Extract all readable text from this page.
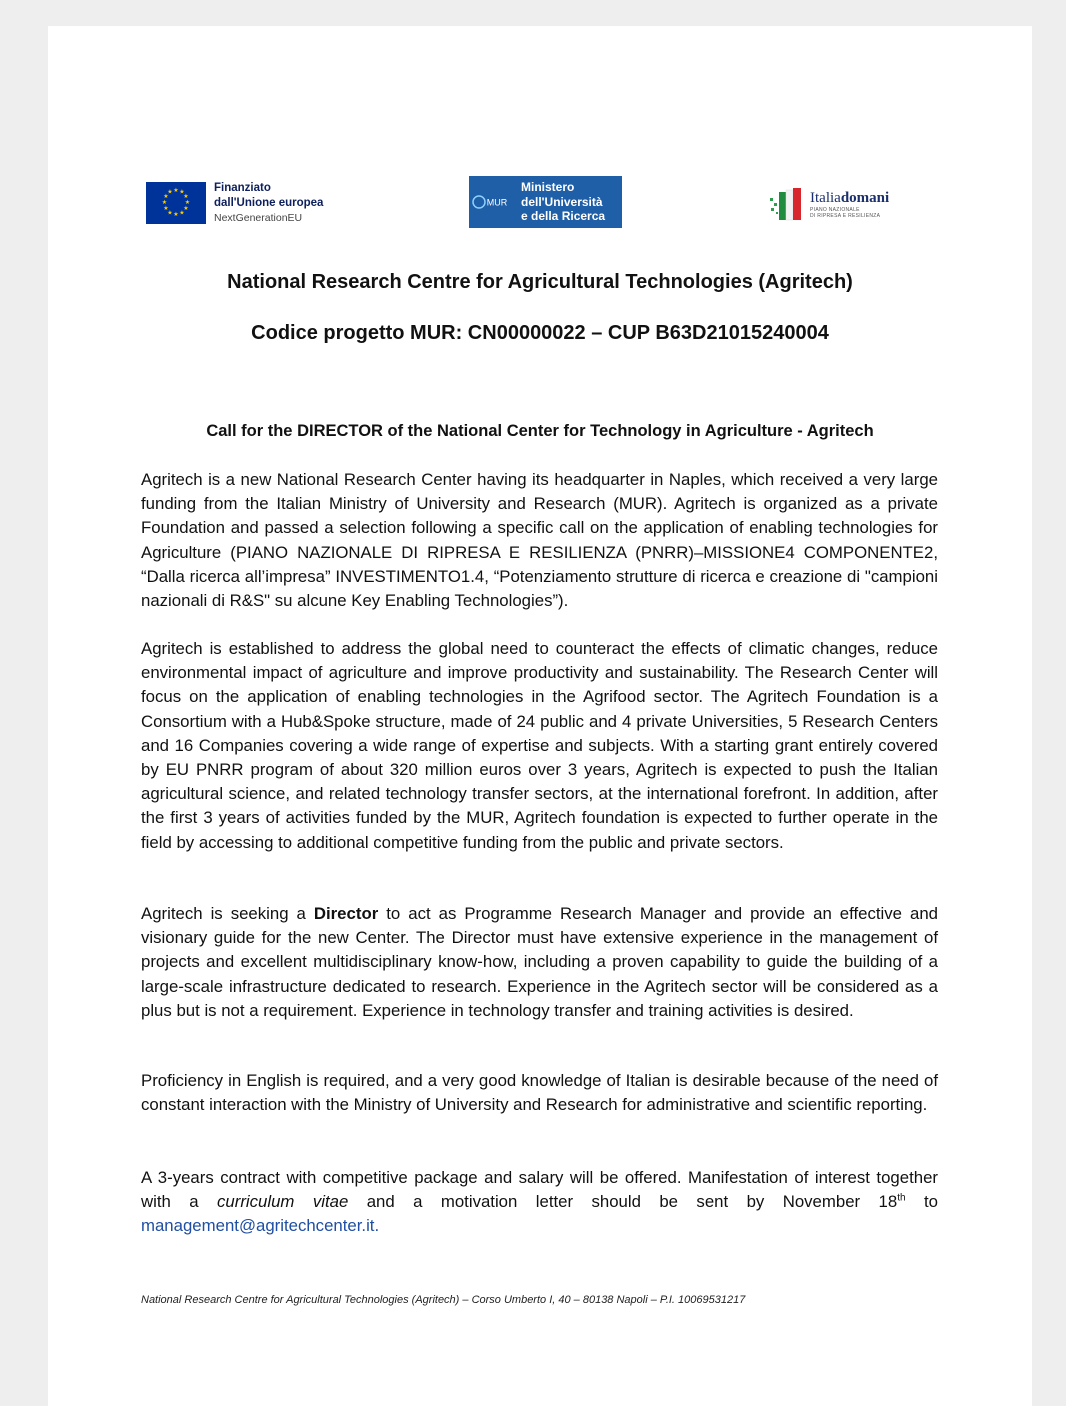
★ ★
★
★
★
★
★
★
★
★
★
★	Finanziato
dall'Unione europea
NextGenerationEU
MUR
Ministero
dell'Università
e della Ricerca
Italiadomani
PIANO NAZIONALE
DI RIPRESA E RESILIENZA
National Research Centre for Agricultural Technologies (Agritech)
Codice progetto MUR: CN00000022 – CUP B63D21015240004
Call for the DIRECTOR of the National Center for Technology in Agriculture - Agritech
Agritech is a new National Research Center having its headquarter in Naples, which received a very large funding from the Italian Ministry of University and Research (MUR). Agritech is organized as a private Foundation and passed a selection following a specific call on the application of enabling technologies for Agriculture (PIANO NAZIONALE DI RIPRESA E RESILIENZA (PNRR)–MISSIONE4 COMPONENTE2, “Dalla ricerca all’impresa” INVESTIMENTO1.4, “Potenziamento strutture di ricerca e creazione di "campioni nazionali di R&S" su alcune Key Enabling Technologies”).
Agritech is established to address the global need to counteract the effects of climatic changes, reduce environmental impact of agriculture and improve productivity and sustainability. The Research Center will focus on the application of enabling technologies in the Agrifood sector. The Agritech Foundation is a Consortium with a Hub&Spoke structure, made of 24 public and 4 private Universities, 5 Research Centers and 16 Companies covering a wide range of expertise and subjects. With a starting grant entirely covered by EU PNRR program of about 320 million euros over 3 years, Agritech is expected to push the Italian agricultural science, and related technology transfer sectors, at the international forefront. In addition, after the first 3 years of activities funded by the MUR, Agritech foundation is expected to further operate in the field by accessing to additional competitive funding from the public and private sectors.
Agritech is seeking a Director to act as Programme Research Manager and provide an effective and visionary guide for the new Center. The Director must have extensive experience in the management of projects and excellent multidisciplinary know-how, including a proven capability to guide the building of a large-scale infrastructure dedicated to research. Experience in the Agritech sector will be considered as a plus but is not a requirement. Experience in technology transfer and training activities is desired.
Proficiency in English is required, and a very good knowledge of Italian is desirable because of the need of constant interaction with the Ministry of University and Research for administrative and scientific reporting.
A 3-years contract with competitive package and salary will be offered. Manifestation of interest together with a curriculum vitae and a motivation letter should be sent by November 18th to management@agritechcenter.it.
National Research Centre for Agricultural Technologies (Agritech) – Corso Umberto I, 40 – 80138 Napoli – P.I. 10069531217
